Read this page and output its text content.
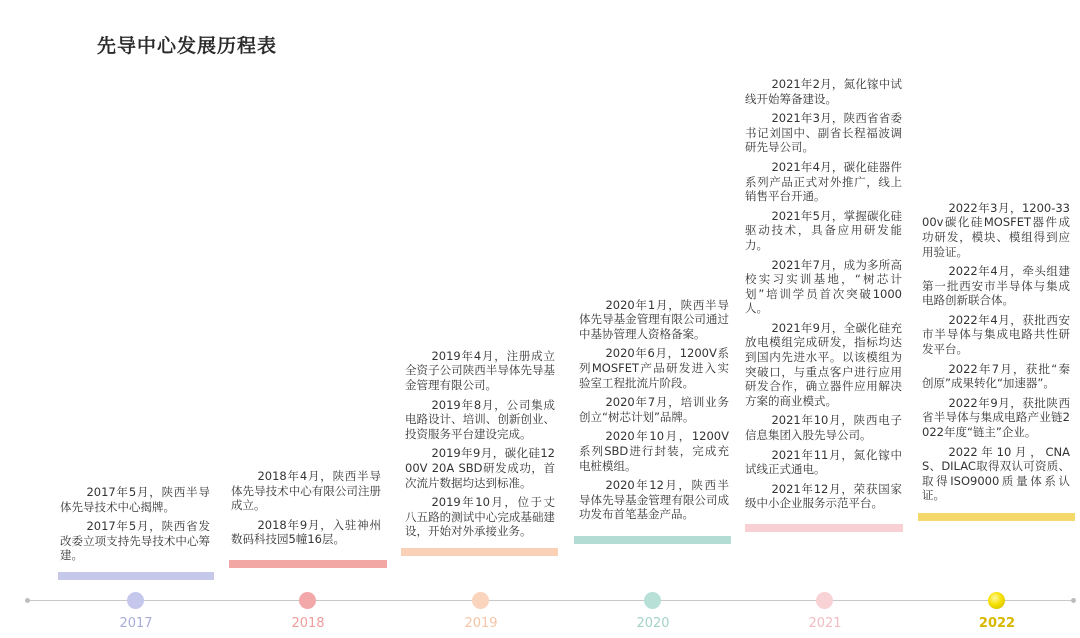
先导中心发展历程表

2017年5月，陕西半导体先导技术中心揭牌。

2017年5月，陕西省发改委立项支持先导技术中心筹建。

2018年4月，陕西半导体先导技术中心有限公司注册成立。

2018年9月，入驻神州数码科技园5幢16层。

2019年4月，注册成立全资子公司陕西半导体先导基金管理有限公司。

2019年8月，公司集成电路设计、培训、创新创业、投资服务平台建设完成。

2019年9月，碳化硅1200V 20A SBD研发成功，首次流片数据均达到标准。

2019年10月，位于丈八五路的测试中心完成基础建设，开始对外承接业务。

2020年1月，陕西半导体先导基金管理有限公司通过中基协管理人资格备案。

2020年6月，1200V系列MOSFET产品研发进入实验室工程批流片阶段。

2020年7月，培训业务创立“树芯计划”品牌。

2020年10月，1200V系列SBD进行封装，完成充电桩模组。

2020年12月，陕西半导体先导基金管理有限公司成功发布首笔基金产品。

2021年2月，氮化镓中试线开始筹备建设。

2021年3月，陕西省省委书记刘国中、副省长程福波调研先导公司。

2021年4月，碳化硅器件系列产品正式对外推广，线上销售平台开通。

2021年5月，掌握碳化硅驱动技术，具备应用研发能力。

2021年7月，成为多所高校实习实训基地，“树芯计划”培训学员首次突破1000人。

2021年9月，全碳化硅充放电模组完成研发，指标均达到国内先进水平。以该模组为突破口，与重点客户进行应用研发合作，确立器件应用解决方案的商业模式。

2021年10月，陕西电子信息集团入股先导公司。

2021年11月，氮化镓中试线正式通电。

2021年12月，荣获国家级中小企业服务示范平台。

2022年3月，1200-3300v碳化硅MOSFET器件成功研发，模块、模组得到应用验证。

2022年4月，牵头组建第一批西安市半导体与集成电路创新联合体。

2022年4月，获批西安市半导体与集成电路共性研发平台。

2022年7月，获批“秦创原”成果转化“加速器”。

2022年9月，获批陕西省半导体与集成电路产业链2022年度“链主”企业。

2022年10月，CNAS、DILAC取得双认可资质、取得ISO9000质量体系认证。

2017	2018	2019	2020	2021	2022
